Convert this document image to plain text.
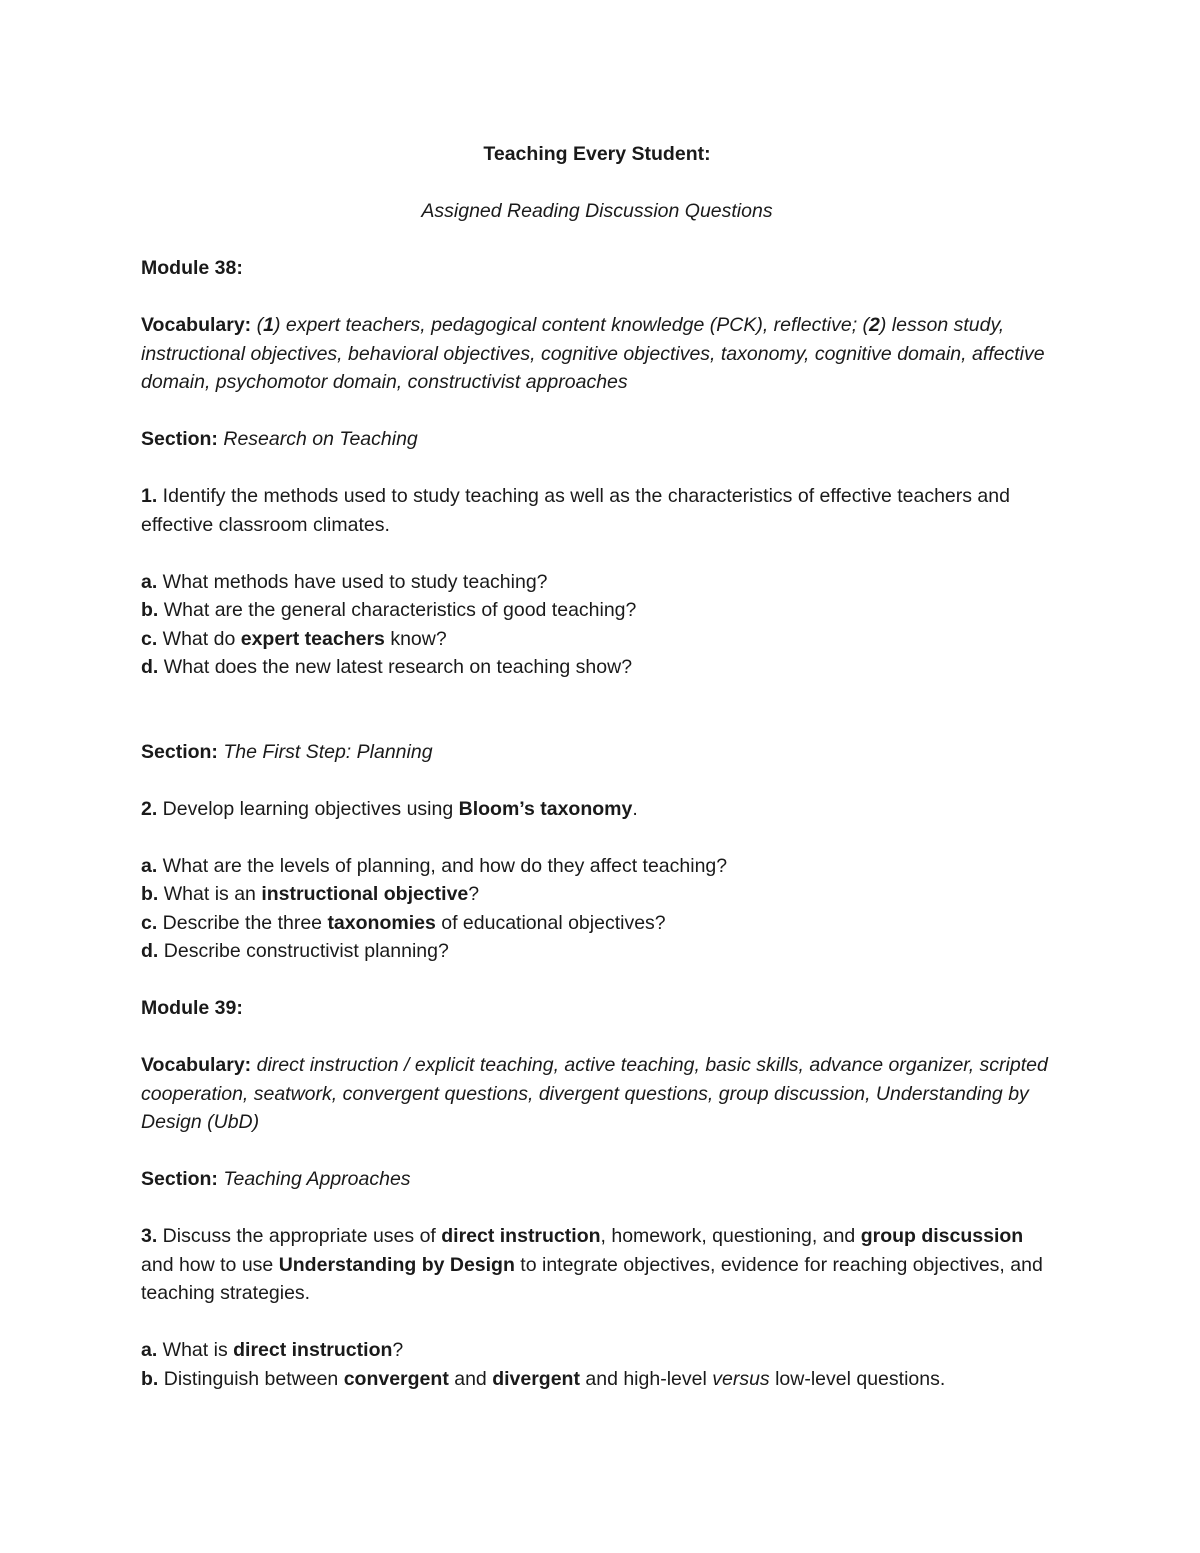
Teaching Every Student:

Assigned Reading Discussion Questions

Module 38:

Vocabulary: (1) expert teachers, pedagogical content knowledge (PCK), reflective; (2) lesson study, instructional objectives, behavioral objectives, cognitive objectives, taxonomy, cognitive domain, affective domain, psychomotor domain, constructivist approaches

Section: Research on Teaching

1. Identify the methods used to study teaching as well as the characteristics of effective teachers and effective classroom climates.

a. What methods have used to study teaching?

b. What are the general characteristics of good teaching?

c. What do expert teachers know?

d. What does the new latest research on teaching show?

Section: The First Step: Planning

2. Develop learning objectives using Bloom’s taxonomy.

a. What are the levels of planning, and how do they affect teaching?

b. What is an instructional objective?

c. Describe the three taxonomies of educational objectives?

d. Describe constructivist planning?

Module 39:

Vocabulary: direct instruction / explicit teaching, active teaching, basic skills, advance organizer, scripted cooperation, seatwork, convergent questions, divergent questions, group discussion, Understanding by Design (UbD)

Section: Teaching Approaches

3. Discuss the appropriate uses of direct instruction, homework, questioning, and group discussion and how to use Understanding by Design to integrate objectives, evidence for reaching objectives, and teaching strategies.

a. What is direct instruction?

b. Distinguish between convergent and divergent and high-level versus low-level questions.
